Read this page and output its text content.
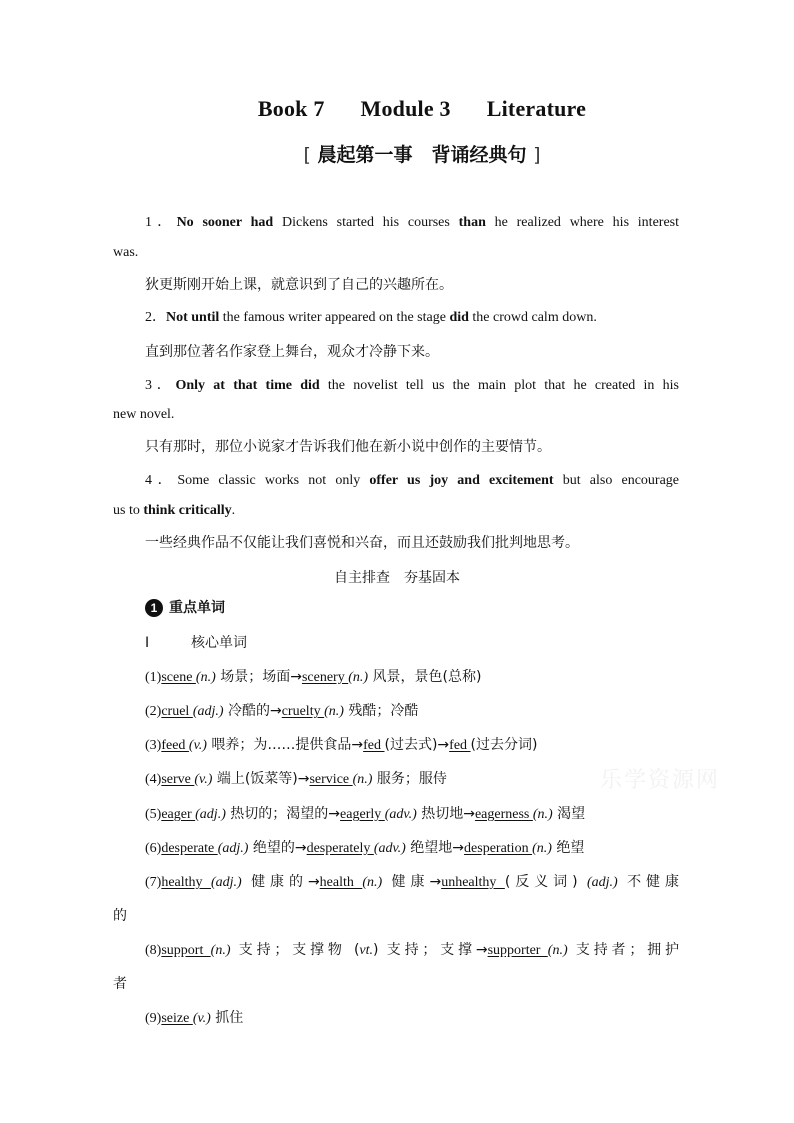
Book 7 Module 3 Literature
[ 晨起第一事　背诵经典句 ]
1．No sooner had Dickens started his courses than he realized where his interest
was.
狄更斯刚开始上课，就意识到了自己的兴趣所在。
2．Not until the famous writer appeared on the stage did the crowd calm down.
直到那位著名作家登上舞台，观众才冷静下来。
3．Only at that time did the novelist tell us the main plot that he created in his
new novel.
只有那时，那位小说家才告诉我们他在新小说中创作的主要情节。
4．Some classic works not only offer us joy and excitement but also encourage
us to think critically.
一些经典作品不仅能让我们喜悦和兴奋，而且还鼓励我们批判地思考。
自主排查　夯基固本
1 重点单词
Ⅰ	核心单词
(1)scene (n.) 场景；场面→scenery (n.) 风景，景色(总称)
(2)cruel (adj.) 冷酷的→cruelty (n.) 残酷；冷酷
(3)feed (v.) 喂养；为……提供食品→fed (过去式)→fed (过去分词)
(4)serve (v.) 端上(饭菜等)→service (n.) 服务；服侍
(5)eager (adj.) 热切的；渴望的→eagerly (adv.) 热切地→eagerness (n.) 渴望
(6)desperate (adj.) 绝望的→desperately (adv.) 绝望地→desperation (n.) 绝望
(7)healthy (adj.) 健康的→health (n.) 健康→unhealthy (反义词) (adj.) 不健康
的
(8)support (n.) 支持；支撑物 (vt.) 支持；支撑→supporter (n.) 支持者；拥护
者
(9)seize (v.) 抓住
乐学资源网
